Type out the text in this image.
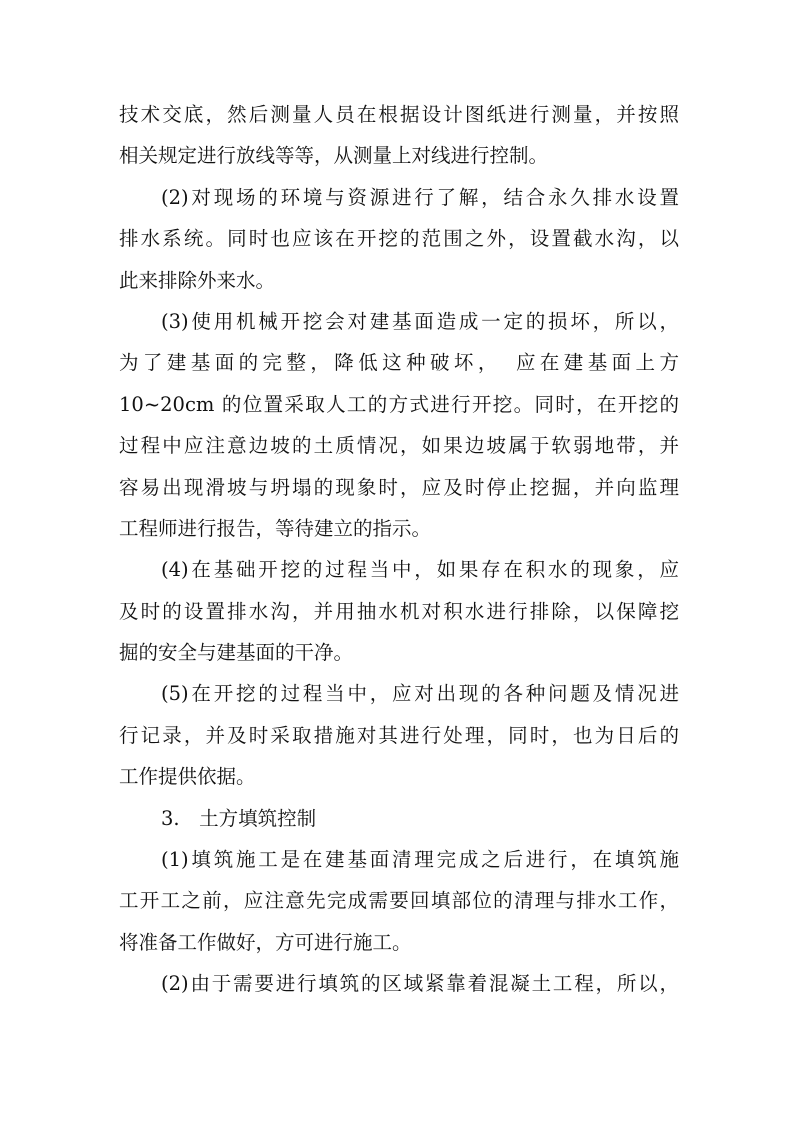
技术交底，然后测量人员在根据设计图纸进行测量，并按照
相关规定进行放线等等，从测量上对线进行控制。
(2)对现场的环境与资源进行了解，结合永久排水设置
排水系统。同时也应该在开挖的范围之外，设置截水沟，以
此来排除外来水。
(3)使用机械开挖会对建基面造成一定的损坏，所以，
为了建基面的完整，降低这种破坏，　应在建基面上方
10~20cm 的位置采取人工的方式进行开挖。同时，在开挖的
过程中应注意边坡的土质情况，如果边坡属于软弱地带，并
容易出现滑坡与坍塌的现象时，应及时停止挖掘，并向监理
工程师进行报告，等待建立的指示。
(4)在基础开挖的过程当中，如果存在积水的现象，应
及时的设置排水沟，并用抽水机对积水进行排除，以保障挖
掘的安全与建基面的干净。
(5)在开挖的过程当中，应对出现的各种问题及情况进
行记录，并及时采取措施对其进行处理，同时，也为日后的
工作提供依据。
3.　土方填筑控制
(1)填筑施工是在建基面清理完成之后进行，在填筑施
工开工之前，应注意先完成需要回填部位的清理与排水工作，
将准备工作做好，方可进行施工。
(2)由于需要进行填筑的区域紧靠着混凝土工程，所以，
